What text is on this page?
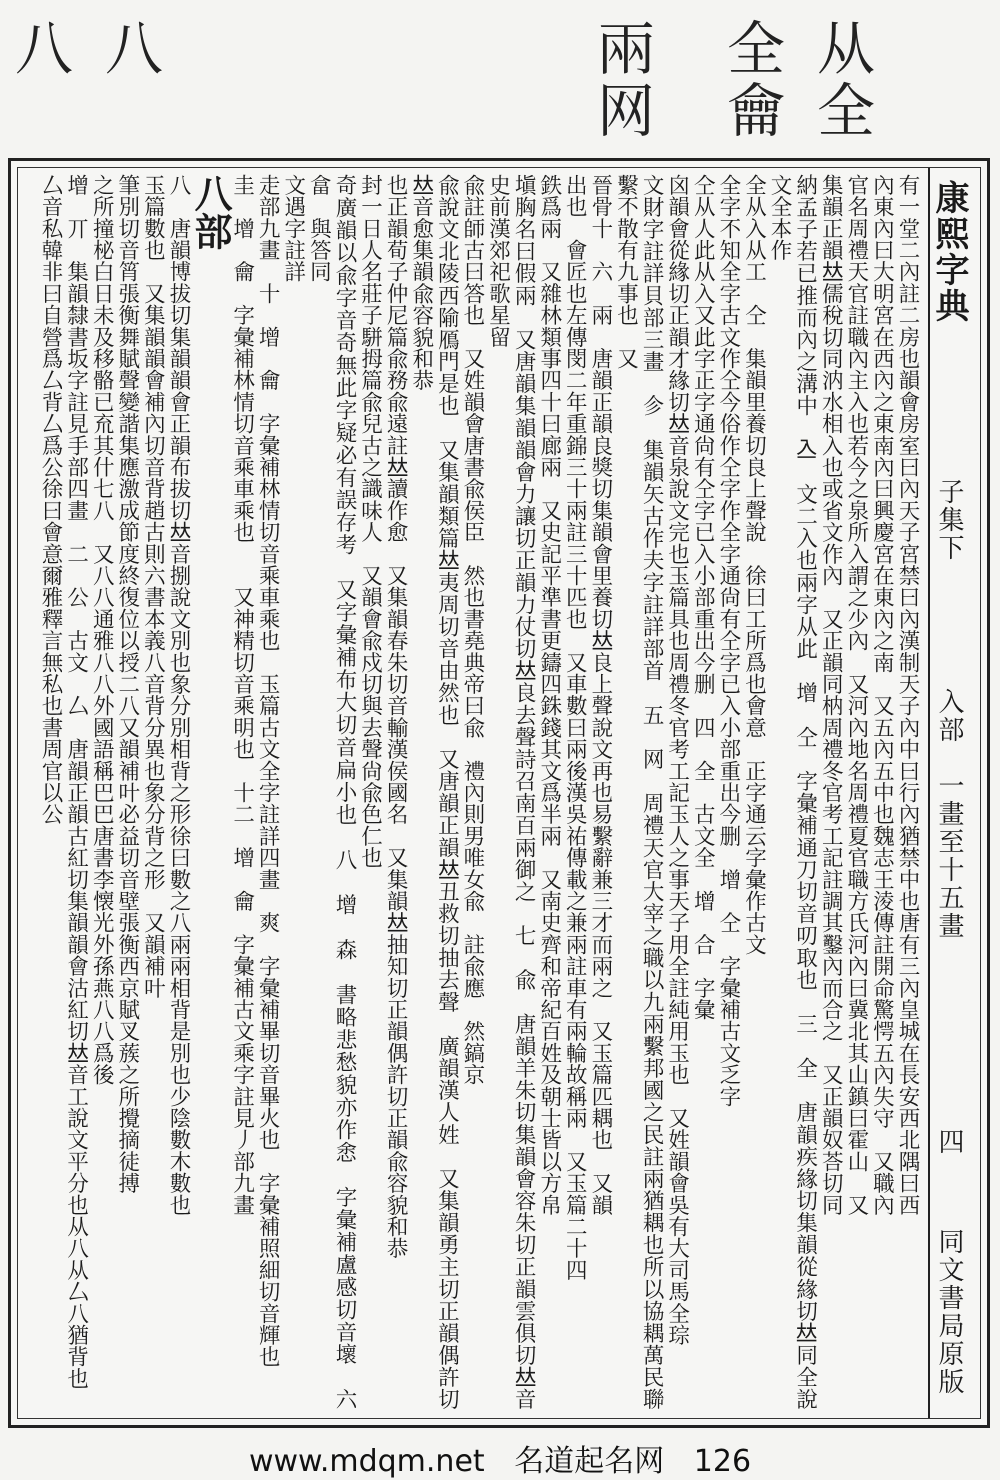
从全
全龠
兩网
八
八
康熙字典
子集下
入部　一畫至十五畫
四
同文書局原版

有一堂二內註二房也韻會房室曰內天子宮禁曰內漢制天子內中曰行內猶禁中也唐有三內皇城在長安西北隅曰西

內東內曰大明宮在西內之東南內曰興慶宮在東內之南　又五內五中也魏志王淩傳註開命驚愕五內失守　又職內

官名周禮天官註職內主入也若今之泉所入謂之少內　又河內地名周禮夏官職方氏河內曰冀北其山鎮曰霍山　又

集韻正韻𠀤儒稅切同汭水相入也或省文作內　又正韻同枘周禮冬官考工記註調其鑿內而合之　又正韻奴荅切同

納孟子若已推而內之溝中　𠓛　文二入也兩字从此　增　仝　字彙補通刀切音叨取也　三　全　唐韻疾緣切集韻從緣切𠀤同全說文全本作

全从入从工　仝　集韻里養切良上聲說　徐曰工所爲也會意　正字通云字彙作古文

全字不知全字古文作仝今俗作仝字作全字通尙有仝字已入小部重出今删　增　仝　字彙補古文乏字

仝从人此从入又此字正字通尙有仝字已入小部重出今删　四　全　古文全　增　合　字彙

囟韻會從緣切正韻才緣切𠀤音泉說文完也玉篇具也周禮冬官考工記玉人之事天子用全註純用玉也　又姓韻會吳有大司馬全琮

文財字註詳貝部三畫　㐱　集韻矢古作夫字註詳部首　五　网　周禮天官大宰之職以九兩繫邦國之民註兩猶耦也所以協耦萬民聯繫不散有九事也　又

晉骨十　六　兩　唐韻正韻良獎切集韻會里養切𠀤良上聲說文再也易繫辭兼三才而兩之　又玉篇匹耦也　又韻

出也　會匠也左傳閔二年重錦三十兩註三十匹也　又車數曰兩後漢吳祐傳載之兼兩註車有兩輪故稱兩　又玉篇二十四

鉄爲兩　又雜林類事四十曰廊兩　又史記平準書更鑄四銖錢其文爲半兩　又南史齊和帝紀百姓及朝士皆以方帛

塡胸名曰假兩　又唐韻集韻韻會力讓切正韻力仗切𠀤良去聲詩召南百兩御之　七　兪　唐韻羊朱切集韻會容朱切正韻雲俱切𠀤音史前漢郊祀歌星留

兪註師古曰答也　又姓韻會唐書兪侯臣　然也書堯典帝曰兪　禮內則男唯女兪　註兪應　然鎬京

兪說文北陵西隃鴈門是也　又集韻類篇𠀤夷周切音由然也　又唐韻正韻𠀤丑救切抽去聲　廣韻漢人姓　又集韻勇主切正韻偶許切𠀤音愈集韻兪容貌和恭

也正韻荀子仲尼篇兪務兪遠註𠀤讀作愈　又集韻春朱切音輸漢侯國名　又集韻𠀤抽知切正韻偶許切正韻兪容貌和恭

封一日人名莊子駢拇篇兪兒古之識味人　又韻會兪戍切與去聲尙兪色仁也

奇廣韻以兪字音奇無此字疑必有誤存考　又字彙補布大切音扁小也　八　增　森　書略悲愁貌亦作悆　字彙補盧感切音壞　六　畣　與答同

文遇字註詳

走部九畫　十　增　龠　字彙補林情切音乘車乘也　玉篇古文全字註詳四畫　爽　字彙補畢切音畢火也　字彙補照細切音輝也

圭　增　龠　字彙補林情切音乘車乘也　　又神精切音乘明也　十二　增　龠　字彙補古文乘字註見丿部九畫

八部

八　唐韻博拔切集韻韻會正韻布拔切𠀤音捌說文別也象分別相背之形徐曰數之八兩兩相背是別也少陰數木數也

玉篇數也　又集韻韻會補內切音背趙古則六書本義八音背分異也象分背之形　又韻補叶

筆別切音筲張衡舞賦聲變諧集應激成節度終復位以授二八又韻補叶必益切音壁張衡西京賦叉蔟之所攪摘徒搏

之所撞柲白日未及移骼已㐬其什七八　又八八通雅八八外國語稱巴巴唐書李懐光外孫燕八八爲後

增　丌　集韻隸書坂字註見手部四畫　二　公　古文　厶　唐韻正韻古紅切集韻韻會沽紅切𠀤音工說文平分也从八从厶八猶背也

厶音私韓非曰自營爲厶背厶爲公徐曰會意爾雅釋言無私也書周官以公

www.mdqm.net 名道起名网 126
